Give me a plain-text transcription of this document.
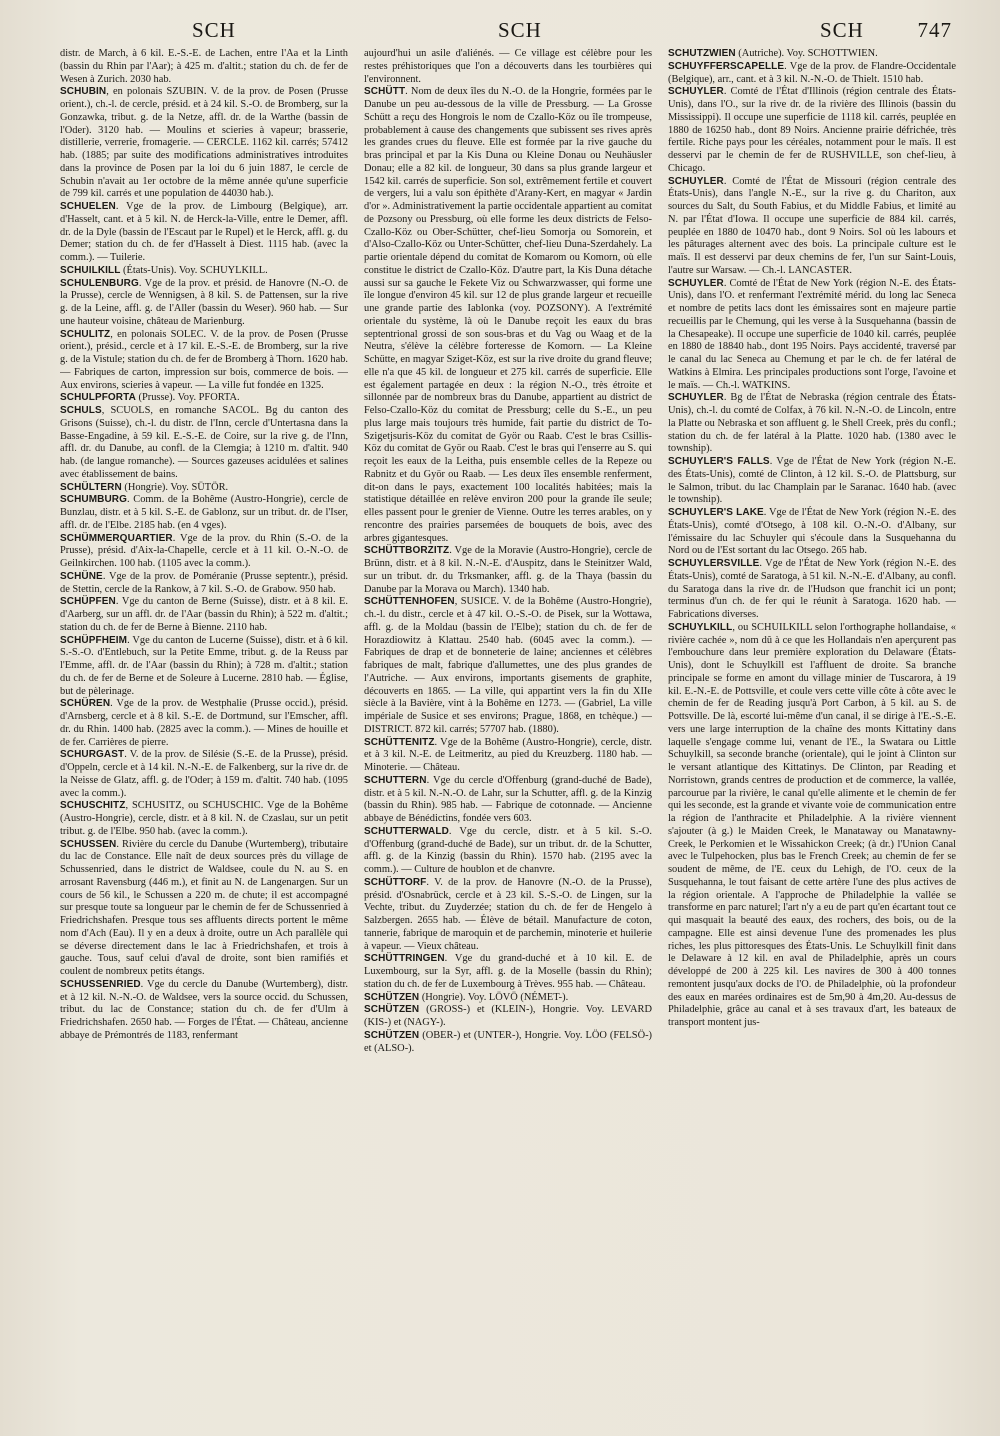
SCH	SCH	SCH	747

distr. de March, à 6 kil. E.-S.-E. de Lachen, entre l'Aa et la Linth (bassin du Rhin par l'Aar); à 425 m. d'altit.; station du ch. de fer de Wesen à Zurich. 2030 hab.

SCHUBIN, en polonais SZUBIN. V. de la prov. de Posen (Prusse orient.), ch.-l. de cercle, présid. et à 24 kil. S.-O. de Bromberg, sur la Gonzawka, tribut. g. de la Netze, affl. dr. de la Warthe (bassin de l'Oder). 3120 hab. — Moulins et scieries à vapeur; brasserie, distillerie, verrerie, fromagerie. — CERCLE. 1162 kil. carrés; 57412 hab. (1885; par suite des modifications administratives introduites dans la province de Posen par la loi du 6 juin 1887, le cercle de Schubin n'avait au 1er octobre de la même année qu'une superficie de 799 kil. carrés et une population de 44030 hab.).

SCHUELEN. Vge de la prov. de Limbourg (Belgique), arr. d'Hasselt, cant. et à 5 kil. N. de Herck-la-Ville, entre le Demer, affl. dr. de la Dyle (bassin de l'Escaut par le Rupel) et le Herck, affl. g. du Demer; station du ch. de fer d'Hasselt à Diest. 1115 hab. (avec la comm.). — Tuilerie.

SCHUILKILL (États-Unis). Voy. SCHUYLKILL.

SCHULENBURG. Vge de la prov. et présid. de Hanovre (N.-O. de la Prusse), cercle de Wennigsen, à 8 kil. S. de Pattensen, sur la rive g. de la Leine, affl. g. de l'Aller (bassin du Weser). 960 hab. — Sur une hauteur voisine, château de Marienburg.

SCHULITZ, en polonais SOLEC. V. de la prov. de Posen (Prusse orient.), présid., cercle et à 17 kil. E.-S.-E. de Bromberg, sur la rive g. de la Vistule; station du ch. de fer de Bromberg à Thorn. 1620 hab. — Fabriques de carton, impression sur bois, commerce de bois. — Aux environs, scieries à vapeur. — La ville fut fondée en 1325.

SCHULPFORTA (Prusse). Voy. PFORTA.

SCHULS, SCUOLS, en romanche SACOL. Bg du canton des Grisons (Suisse), ch.-l. du distr. de l'Inn, cercle d'Untertasna dans la Basse-Engadine, à 59 kil. E.-S.-E. de Coire, sur la rive g. de l'Inn, affl. dr. du Danube, au confl. de la Clemgia; à 1210 m. d'altit. 940 hab. (de langue romanche). — Sources gazeuses acidulées et salines avec établissement de bains.

SCHÜLTERN (Hongrie). Voy. SÜTÖR.

SCHUMBURG. Comm. de la Bohême (Austro-Hongrie), cercle de Bunzlau, distr. et à 5 kil. S.-E. de Gablonz, sur un tribut. dr. de l'Iser, affl. dr. de l'Elbe. 2185 hab. (en 4 vges).

SCHÜMMERQUARTIER. Vge de la prov. du Rhin (S.-O. de la Prusse), présid. d'Aix-la-Chapelle, cercle et à 11 kil. O.-N.-O. de Geilnkirchen. 100 hab. (1105 avec la comm.).

SCHÜNE. Vge de la prov. de Poméranie (Prusse septentr.), présid. de Stettin, cercle de la Rankow, à 7 kil. S.-O. de Grabow. 950 hab.

SCHÜPFEN. Vge du canton de Berne (Suisse), distr. et à 8 kil. E. d'Aarberg, sur un affl. dr. de l'Aar (bassin du Rhin); à 522 m. d'altit.; station du ch. de fer de Berne à Bienne. 2110 hab.

SCHÜPFHEIM. Vge du canton de Lucerne (Suisse), distr. et à 6 kil. S.-S.-O. d'Entlebuch, sur la Petite Emme, tribut. g. de la Reuss par l'Emme, affl. dr. de l'Aar (bassin du Rhin); à 728 m. d'altit.; station du ch. de fer de Berne et de Soleure à Lucerne. 2810 hab. — Église, but de pèlerinage.

SCHÜREN. Vge de la prov. de Westphalie (Prusse occid.), présid. d'Arnsberg, cercle et à 8 kil. S.-E. de Dortmund, sur l'Emscher, affl. dr. du Rhin. 1400 hab. (2825 avec la comm.). — Mines de houille et de fer. Carrières de pierre.

SCHURGAST. V. de la prov. de Silésie (S.-E. de la Prusse), présid. d'Oppeln, cercle et à 14 kil. N.-N.-E. de Falkenberg, sur la rive dr. de la Neisse de Glatz, affl. g. de l'Oder; à 159 m. d'altit. 740 hab. (1095 avec la comm.).

SCHUSCHITZ, SCHUSITZ, ou SCHUSCHIC. Vge de la Bohême (Austro-Hongrie), cercle, distr. et à 8 kil. N. de Czaslau, sur un petit tribut. g. de l'Elbe. 950 hab. (avec la comm.).

SCHUSSEN. Rivière du cercle du Danube (Wurtemberg), tributaire du lac de Constance. Elle naît de deux sources près du village de Schussenried, dans le district de Waldsee, coule du N. au S. en arrosant Ravensburg (446 m.), et finit au N. de Langenargen. Sur un cours de 56 kil., le Schussen a 220 m. de chute; il est accompagné sur presque toute sa longueur par le chemin de fer de Schussenried à Friedrichshafen. Presque tous ses affluents directs portent le même nom d'Ach (Eau). Il y en a deux à droite, outre un Ach parallèle qui se déverse directement dans le lac à Friedrichshafen, et trois à gauche. Tous, sauf celui d'aval de droite, sont bien ramifiés et coulent de nombreux petits étangs.

SCHUSSENRIED. Vge du cercle du Danube (Wurtemberg), distr. et à 12 kil. N.-N.-O. de Waldsee, vers la source occid. du Schussen, tribut. du lac de Constance; station du ch. de fer d'Ulm à Friedrichshafen. 2650 hab. — Forges de l'État. — Château, ancienne abbaye de Prémontrés de 1183, renfermant

aujourd'hui un asile d'aliénés. — Ce village est célèbre pour les restes préhistoriques que l'on a découverts dans les tourbières qui l'environnent.

SCHÜTT. Nom de deux îles du N.-O. de la Hongrie, formées par le Danube un peu au-dessous de la ville de Pressburg. — La Grosse Schütt a reçu des Hongrois le nom de Czallo-Köz ou île trompeuse, probablement à cause des changements que subissent ses rives après les grandes crues du fleuve. Elle est formée par la rive gauche du bras principal et par la Kis Duna ou Kleine Donau ou Neuhäusler Donau; elle a 82 kil. de longueur, 30 dans sa plus grande largeur et 1542 kil. carrés de superficie. Son sol, extrêmement fertile et couvert de vergers, lui a valu son épithète d'Arany-Kert, en magyar « Jardin d'or ». Administrativement la partie occidentale appartient au comitat de Pozsony ou Pressburg, où elle forme les deux districts de Felso-Czallo-Köz ou Ober-Schütter, chef-lieu Somorja ou Somorein, et d'Also-Czallo-Köz ou Unter-Schütter, chef-lieu Duna-Szerdahely. La partie orientale dépend du comitat de Komarom ou Komorn, où elle constitue le district de Czallo-Köz. D'autre part, la Kis Duna détache aussi sur sa gauche le Fekete Viz ou Schwarzwasser, qui forme une île longue d'environ 45 kil. sur 12 de plus grande largeur et recueille une grande partie des Iablonka (voy. POZSONY). A l'extrémité orientale du système, là où le Danube reçoit les eaux du bras septentrional grossi de son sous-bras et du Vag ou Waag et de la Neutra, s'élève la célèbre forteresse de Komorn. — La Kleine Schütte, en magyar Sziget-Köz, est sur la rive droite du grand fleuve; elle n'a que 45 kil. de longueur et 275 kil. carrés de superficie. Elle est également partagée en deux : la région N.-O., très étroite et sillonnée par de nombreux bras du Danube, appartient au district de Felso-Czallo-Köz du comitat de Pressburg; celle du S.-E., un peu plus large mais toujours très humide, fait partie du district de To-Szigetjsuris-Köz du comitat de Györ ou Raab. C'est le bras Csillis-Köz du comitat de Györ ou Raab. C'est le bras qui l'enserre au S. qui reçoit les eaux de la Leitha, puis ensemble celles de la Repeze ou Rabnitz et du Györ ou Raab. — Les deux îles ensemble renferment, dit-on dans le pays, exactement 100 localités habitées; mais la statistique détaillée en relève environ 200 pour la grande île seule; elles passent pour le grenier de Vienne. Outre les terres arables, on y rencontre des prairies parsemées de bouquets de bois, avec des arbres gigantesques.

SCHÜTTBORZITZ. Vge de la Moravie (Austro-Hongrie), cercle de Brünn, distr. et à 8 kil. N.-N.-E. d'Auspitz, dans le Steinitzer Wald, sur un tribut. dr. du Trksmanker, affl. g. de la Thaya (bassin du Danube par la Morava ou March). 1340 hab.

SCHÜTTENHOFEN, SUSICE. V. de la Bohême (Austro-Hongrie), ch.-l. du distr., cercle et à 47 kil. O.-S.-O. de Pisek, sur la Wottawa, affl. g. de la Moldau (bassin de l'Elbe); station du ch. de fer de Horazdiowitz à Klattau. 2540 hab. (6045 avec la comm.). — Fabriques de drap et de bonneterie de laine; anciennes et célèbres fabriques de malt, fabrique d'allumettes, une des plus grandes de l'Autriche. — Aux environs, importants gisements de graphite, découverts en 1865. — La ville, qui appartint vers la fin du XIIe siècle à la Bavière, vint à la Bohême en 1273. — (Gabriel, La ville impériale de Susice et ses environs; Prague, 1868, en tchèque.) — DISTRICT. 872 kil. carrés; 57707 hab. (1880).

SCHÜTTENITZ. Vge de la Bohême (Austro-Hongrie), cercle, distr. et à 3 kil. N.-E. de Leitmeritz, au pied du Kreuzberg. 1180 hab. — Minoterie. — Château.

SCHUTTERN. Vge du cercle d'Offenburg (grand-duché de Bade), distr. et à 5 kil. N.-N.-O. de Lahr, sur la Schutter, affl. g. de la Kinzig (bassin du Rhin). 985 hab. — Fabrique de cotonnade. — Ancienne abbaye de Bénédictins, fondée vers 603.

SCHUTTERWALD. Vge du cercle, distr. et à 5 kil. S.-O. d'Offenburg (grand-duché de Bade), sur un tribut. dr. de la Schutter, affl. g. de la Kinzig (bassin du Rhin). 1570 hab. (2195 avec la comm.). — Culture de houblon et de chanvre.

SCHÜTTORF. V. de la prov. de Hanovre (N.-O. de la Prusse), présid. d'Osnabrück, cercle et à 23 kil. S.-S.-O. de Lingen, sur la Vechte, tribut. du Zuyderzée; station du ch. de fer de Hengelo à Salzbergen. 2655 hab. — Élève de bétail. Manufacture de coton, tannerie, fabrique de maroquin et de parchemin, minoterie et huilerie à vapeur. — Vieux château.

SCHÜTTRINGEN. Vge du grand-duché et à 10 kil. E. de Luxembourg, sur la Syr, affl. g. de la Moselle (bassin du Rhin); station du ch. de fer de Luxembourg à Trèves. 955 hab. — Château.

SCHÜTZEN (Hongrie). Voy. LÖVÖ (NÉMET-).

SCHÜTZEN (GROSS-) et (KLEIN-), Hongrie. Voy. LEVARD (KIS-) et (NAGY-).

SCHÜTZEN (OBER-) et (UNTER-), Hongrie. Voy. LÖO (FELSÖ-) et (ALSO-).

SCHUTZWIEN (Autriche). Voy. SCHOTTWIEN.

SCHUYFFERSCAPELLE. Vge de la prov. de Flandre-Occidentale (Belgique), arr., cant. et à 3 kil. N.-N.-O. de Thielt. 1510 hab.

SCHUYLER. Comté de l'État d'Illinois (région centrale des États-Unis), dans l'O., sur la rive dr. de la rivière des Illinois (bassin du Mississippi). Il occupe une superficie de 1118 kil. carrés, peuplée en 1880 de 16250 hab., dont 89 Noirs. Ancienne prairie défrichée, très fertile. Riche pays pour les céréales, notamment pour le maïs. Il est desservi par le chemin de fer de RUSHVILLE, son chef-lieu, à Chicago.

SCHUYLER. Comté de l'État de Missouri (région centrale des États-Unis), dans l'angle N.-E., sur la rive g. du Chariton, aux sources du Salt, du South Fabius, et du Middle Fabius, et limité au N. par l'État d'Iowa. Il occupe une superficie de 884 kil. carrés, peuplée en 1880 de 10470 hab., dont 9 Noirs. Sol où les labours et les pâturages alternent avec des bois. La principale culture est le maïs. Il est desservi par deux chemins de fer, l'un sur Saint-Louis, l'autre sur Warsaw. — Ch.-l. LANCASTER.

SCHUYLER. Comté de l'État de New York (région N.-E. des États-Unis), dans l'O. et renfermant l'extrémité mérid. du long lac Seneca et nombre de petits lacs dont les émissaires sont en majeure partie recueillis par le Chemung, qui les verse à la Susquehanna (bassin de la Chesapeake). Il occupe une superficie de 1040 kil. carrés, peuplée en 1880 de 18840 hab., dont 195 Noirs. Pays accidenté, traversé par le canal du lac Seneca au Chemung et par le ch. de fer latéral de Watkins à Elmira. Les principales productions sont l'orge, l'avoine et le maïs. — Ch.-l. WATKINS.

SCHUYLER. Bg de l'État de Nebraska (région centrale des États-Unis), ch.-l. du comté de Colfax, à 76 kil. N.-N.-O. de Lincoln, entre la Platte ou Nebraska et son affluent g. le Shell Creek, près du confl.; station du ch. de fer latéral à la Platte. 1020 hab. (1380 avec le township).

SCHUYLER'S FALLS. Vge de l'État de New York (région N.-E. des États-Unis), comté de Clinton, à 12 kil. S.-O. de Plattsburg, sur le Salmon, tribut. du lac Champlain par le Saranac. 1640 hab. (avec le township).

SCHUYLER'S LAKE. Vge de l'État de New York (région N.-E. des États-Unis), comté d'Otsego, à 108 kil. O.-N.-O. d'Albany, sur l'émissaire du lac Schuyler qui s'écoule dans la Susquehanna du Nord ou de l'Est sortant du lac Otsego. 265 hab.

SCHUYLERSVILLE. Vge de l'État de New York (région N.-E. des États-Unis), comté de Saratoga, à 51 kil. N.-N.-E. d'Albany, au confl. du Saratoga dans la rive dr. de l'Hudson que franchit ici un pont; terminus d'un ch. de fer qui le réunit à Saratoga. 1620 hab. — Fabrications diverses.

SCHUYLKILL, ou SCHUILKILL selon l'orthographe hollandaise, « rivière cachée », nom dû à ce que les Hollandais n'en aperçurent pas l'embouchure dans leur première exploration du Delaware (États-Unis), dont le Schuylkill est l'affluent de droite. Sa branche principale se forme en amont du village minier de Tuscarora, à 19 kil. E.-N.-E. de Pottsville, et coule vers cette ville côte à côte avec le chemin de fer de Reading jusqu'à Port Carbon, à 5 kil. au S. de Pottsville. De là, escorté lui-même d'un canal, il se dirige à l'E.-S.-E. vers une large interruption de la chaîne des monts Kittatiny dans laquelle s'engage comme lui, venant de l'E., la Swatara ou Little Schuylkill, sa seconde branche (orientale), qui le joint à Clinton sur le versant atlantique des Kittatinys. De Clinton, par Reading et Norristown, grands centres de production et de commerce, la vallée, parcourue par la rivière, le canal qu'elle alimente et le chemin de fer qui les seconde, est la grande et vivante voie de communication entre la région de l'anthracite et Philadelphie. A la rivière viennent s'ajouter (à g.) le Maiden Creek, le Manataway ou Manatawny-Creek, le Perkomien et le Wissahickon Creek; (à dr.) l'Union Canal avec le Tulpehocken, plus bas le French Creek; au chemin de fer se soudent de même, de l'E. ceux du Lehigh, de l'O. ceux de la Susquehanna, le tout faisant de cette artère l'une des plus actives de la région orientale. A l'approche de Philadelphie la vallée se transforme en parc naturel; l'art n'y a eu de part qu'en écartant tout ce qui masquait la beauté des eaux, des rochers, des bois, ou de la campagne. Elle est ainsi devenue l'une des promenades les plus riches, les plus pittoresques des États-Unis. Le Schuylkill finit dans le Delaware à 12 kil. en aval de Philadelphie, après un cours développé de 200 à 225 kil. Les navires de 300 à 400 tonnes remontent jusqu'aux docks de l'O. de Philadelphie, où la profondeur des eaux en marées ordinaires est de 5m,90 à 4m,20. Au-dessus de Philadelphie, grâce au canal et à ses travaux d'art, les bateaux de transport montent jus-
